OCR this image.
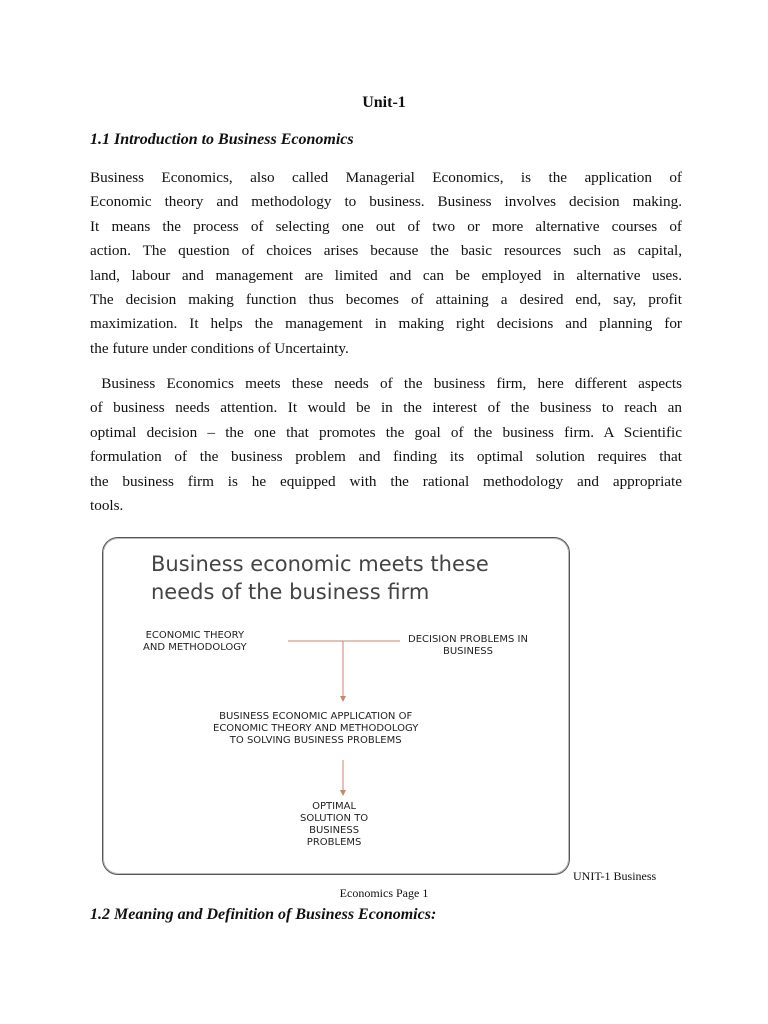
Unit-1
1.1 Introduction to Business Economics

Business Economics, also called Managerial Economics, is the application of
Economic theory and methodology to business. Business involves decision making.
It means the process of selecting one out of two or more alternative courses of
action. The question of choices arises because the basic resources such as capital,
land, labour and management are limited and can be employed in alternative uses.
The decision making function thus becomes of attaining a desired end, say, profit
maximization. It helps the management in making right decisions and planning for
the future under conditions of Uncertainty.

Business Economics meets these needs of the business firm, here different aspects
of business needs attention. It would be in the interest of the business to reach an
optimal decision – the one that promotes the goal of the business firm. A Scientific
formulation of the business problem and finding its optimal solution requires that
the business firm is he equipped with the rational methodology and appropriate
tools.

Business economic meets these
needs of the business firm
ECONOMIC THEORY
AND METHODOLOGY
DECISION PROBLEMS IN
BUSINESS
BUSINESS ECONOMIC APPLICATION OF
ECONOMIC THEORY AND METHODOLOGY
TO SOLVING BUSINESS PROBLEMS
OPTIMAL
SOLUTION TO
BUSINESS
PROBLEMS
UNIT-1 Business
Economics Page 1
1.2 Meaning and Definition of Business Economics:
